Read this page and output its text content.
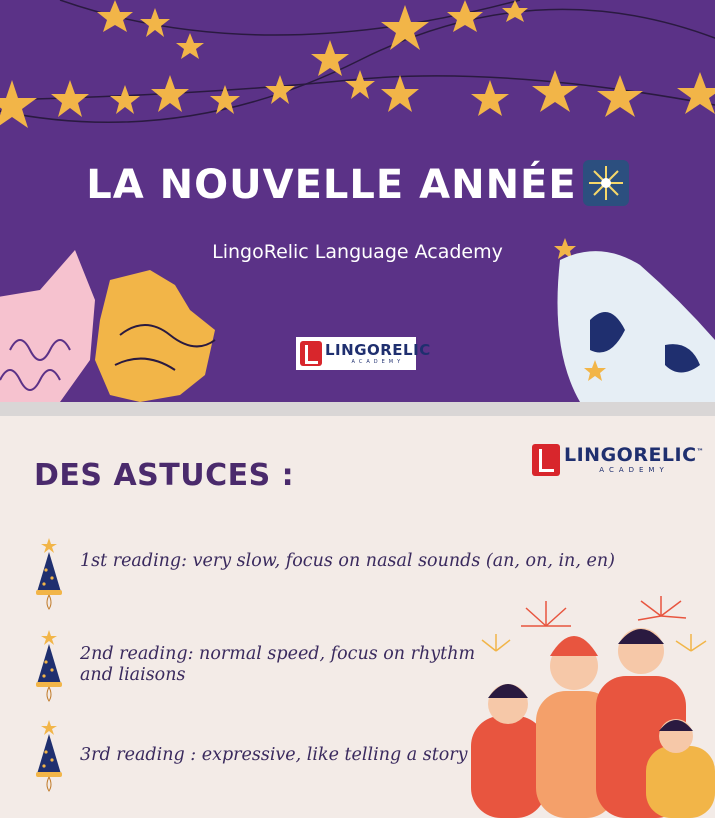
LA NOUVELLE ANNÉE
LingoRelic Language Academy
LINGORELIC
ACADEMY
DES ASTUCES :
LINGORELIC™
ACADEMY
1st reading: very slow, focus on nasal sounds (an, on, in, en)
2nd reading: normal speed, focus on rhythm and liaisons
3rd reading : expressive, like telling a story
